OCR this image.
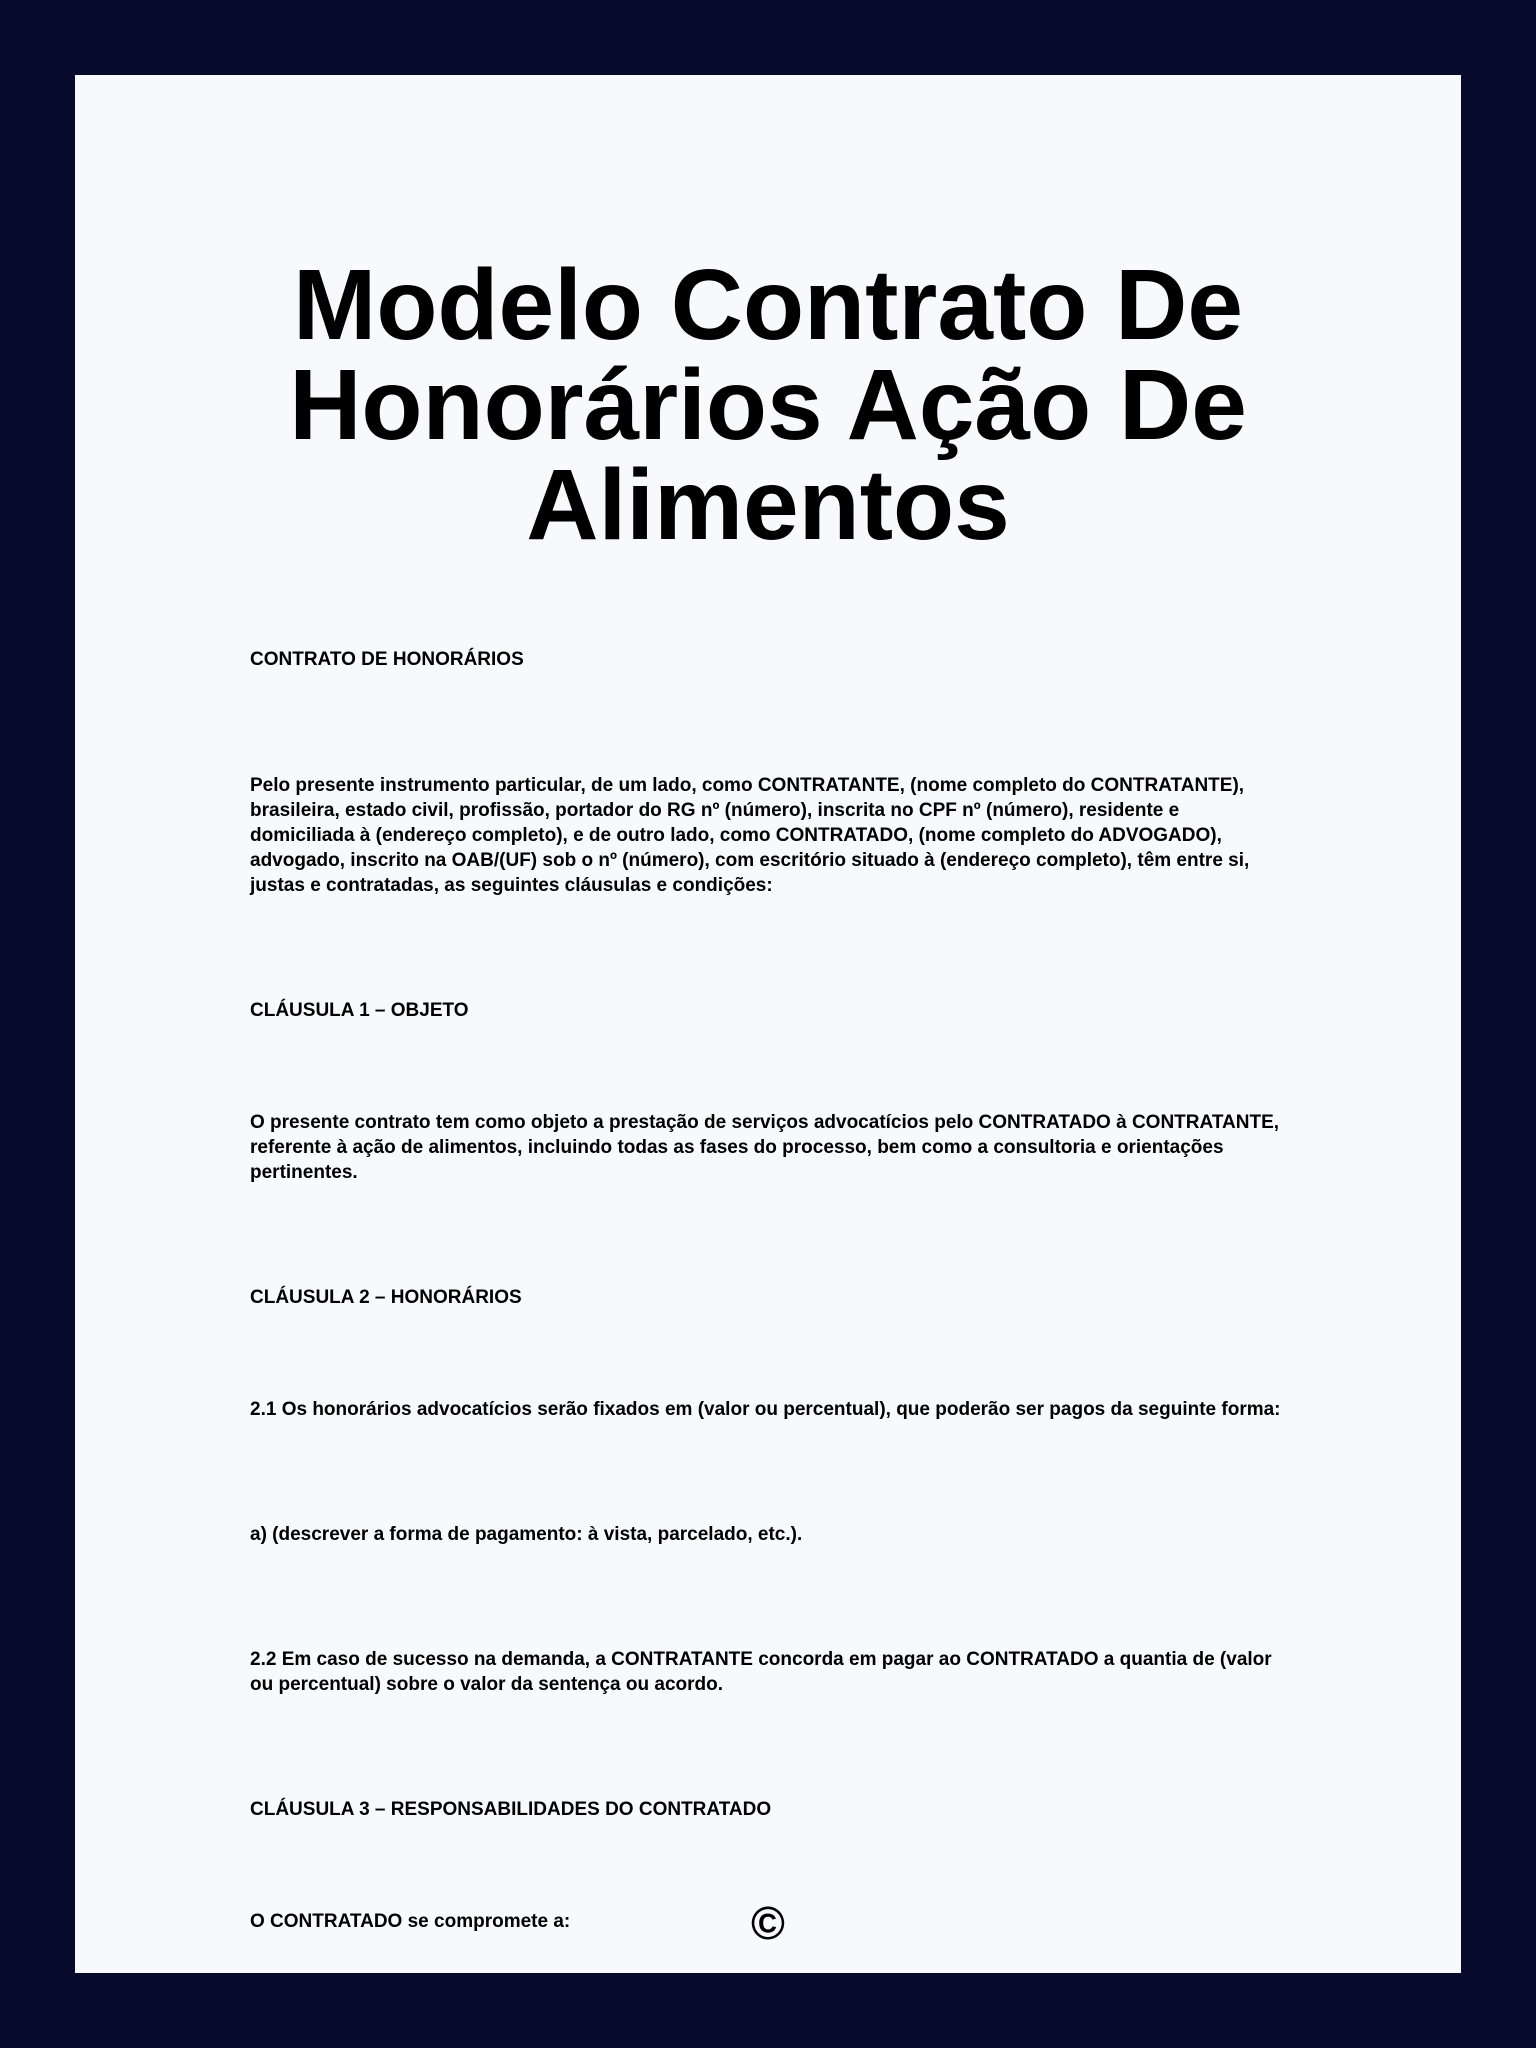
Modelo Contrato De Honorários Ação De Alimentos

CONTRATO DE HONORÁRIOS

Pelo presente instrumento particular, de um lado, como CONTRATANTE, (nome completo do CONTRATANTE), brasileira, estado civil, profissão, portador do RG nº (número), inscrita no CPF nº (número), residente e domiciliada à (endereço completo), e de outro lado, como CONTRATADO, (nome completo do ADVOGADO), advogado, inscrito na OAB/(UF) sob o nº (número), com escritório situado à (endereço completo), têm entre si, justas e contratadas, as seguintes cláusulas e condições:

CLÁUSULA 1 – OBJETO

O presente contrato tem como objeto a prestação de serviços advocatícios pelo CONTRATADO à CONTRATANTE, referente à ação de alimentos, incluindo todas as fases do processo, bem como a consultoria e orientações pertinentes.

CLÁUSULA 2 – HONORÁRIOS

2.1 Os honorários advocatícios serão fixados em (valor ou percentual), que poderão ser pagos da seguinte forma:

a) (descrever a forma de pagamento: à vista, parcelado, etc.).

2.2 Em caso de sucesso na demanda, a CONTRATANTE concorda em pagar ao CONTRATADO a quantia de (valor ou percentual) sobre o valor da sentença ou acordo.

CLÁUSULA 3 – RESPONSABILIDADES DO CONTRATADO

O CONTRATADO se compromete a:	©
